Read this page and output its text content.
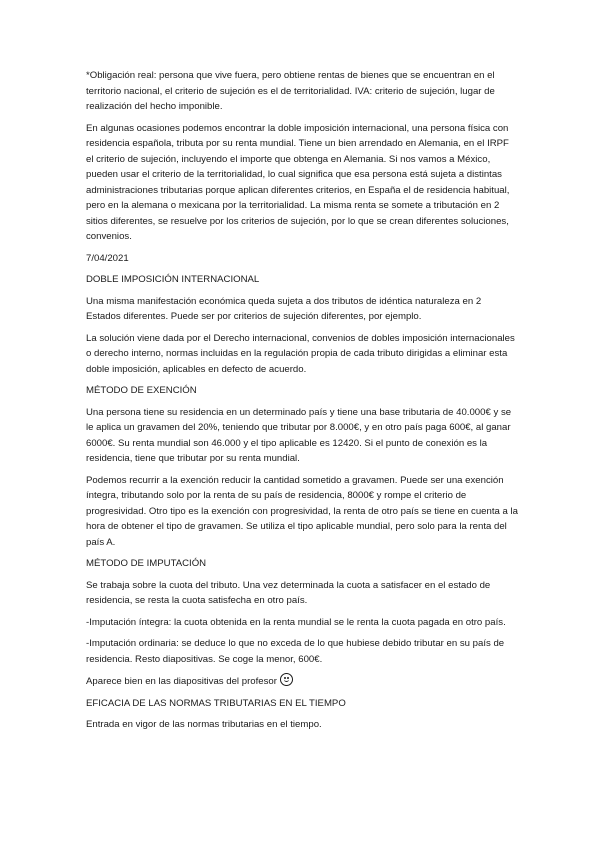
*Obligación real: persona que vive fuera, pero obtiene rentas de bienes que se encuentran en el territorio nacional, el criterio de sujeción es el de territorialidad. IVA: criterio de sujeción, lugar de realización del hecho imponible.

En algunas ocasiones podemos encontrar la doble imposición internacional, una persona física con residencia española, tributa por su renta mundial. Tiene un bien arrendado en Alemania, en el IRPF el criterio de sujeción, incluyendo el importe que obtenga en Alemania. Si nos vamos a México, pueden usar el criterio de la territorialidad, lo cual significa que esa persona está sujeta a distintas administraciones tributarias porque aplican diferentes criterios, en España el de residencia habitual, pero en la alemana o mexicana por la territorialidad. La misma renta se somete a tributación en 2 sitios diferentes, se resuelve por los criterios de sujeción, por lo que se crean diferentes soluciones, convenios.

7/04/2021

DOBLE IMPOSICIÓN INTERNACIONAL

Una misma manifestación económica queda sujeta a dos tributos de idéntica naturaleza en 2 Estados diferentes. Puede ser por criterios de sujeción diferentes, por ejemplo.

La solución viene dada por el Derecho internacional, convenios de dobles imposición internacionales o derecho interno, normas incluidas en la regulación propia de cada tributo dirigidas a eliminar esta doble imposición, aplicables en defecto de acuerdo.

MÉTODO DE EXENCIÓN

Una persona tiene su residencia en un determinado país y tiene una base tributaria de 40.000€ y se le aplica un gravamen del 20%, teniendo que tributar por 8.000€, y en otro país paga 600€, al ganar 6000€. Su renta mundial son 46.000 y el tipo aplicable es 12420. Si el punto de conexión es la residencia, tiene que tributar por su renta mundial.

Podemos recurrir a la exención reducir la cantidad sometido a gravamen. Puede ser una exención íntegra, tributando solo por la renta de su país de residencia, 8000€ y rompe el criterio de progresividad. Otro tipo es la exención con progresividad, la renta de otro país se tiene en cuenta a la hora de obtener el tipo de gravamen. Se utiliza el tipo aplicable mundial, pero solo para la renta del país A.

MÉTODO DE IMPUTACIÓN

Se trabaja sobre la cuota del tributo. Una vez determinada la cuota a satisfacer en el estado de residencia, se resta la cuota satisfecha en otro país.

-Imputación íntegra: la cuota obtenida en la renta mundial se le renta la cuota pagada en otro país.

-Imputación ordinaria: se deduce lo que no exceda de lo que hubiese debido tributar en su país de residencia. Resto diapositivas. Se coge la menor, 600€.

Aparece bien en las diapositivas del profesor

EFICACIA DE LAS NORMAS TRIBUTARIAS EN EL TIEMPO

Entrada en vigor de las normas tributarias en el tiempo.
